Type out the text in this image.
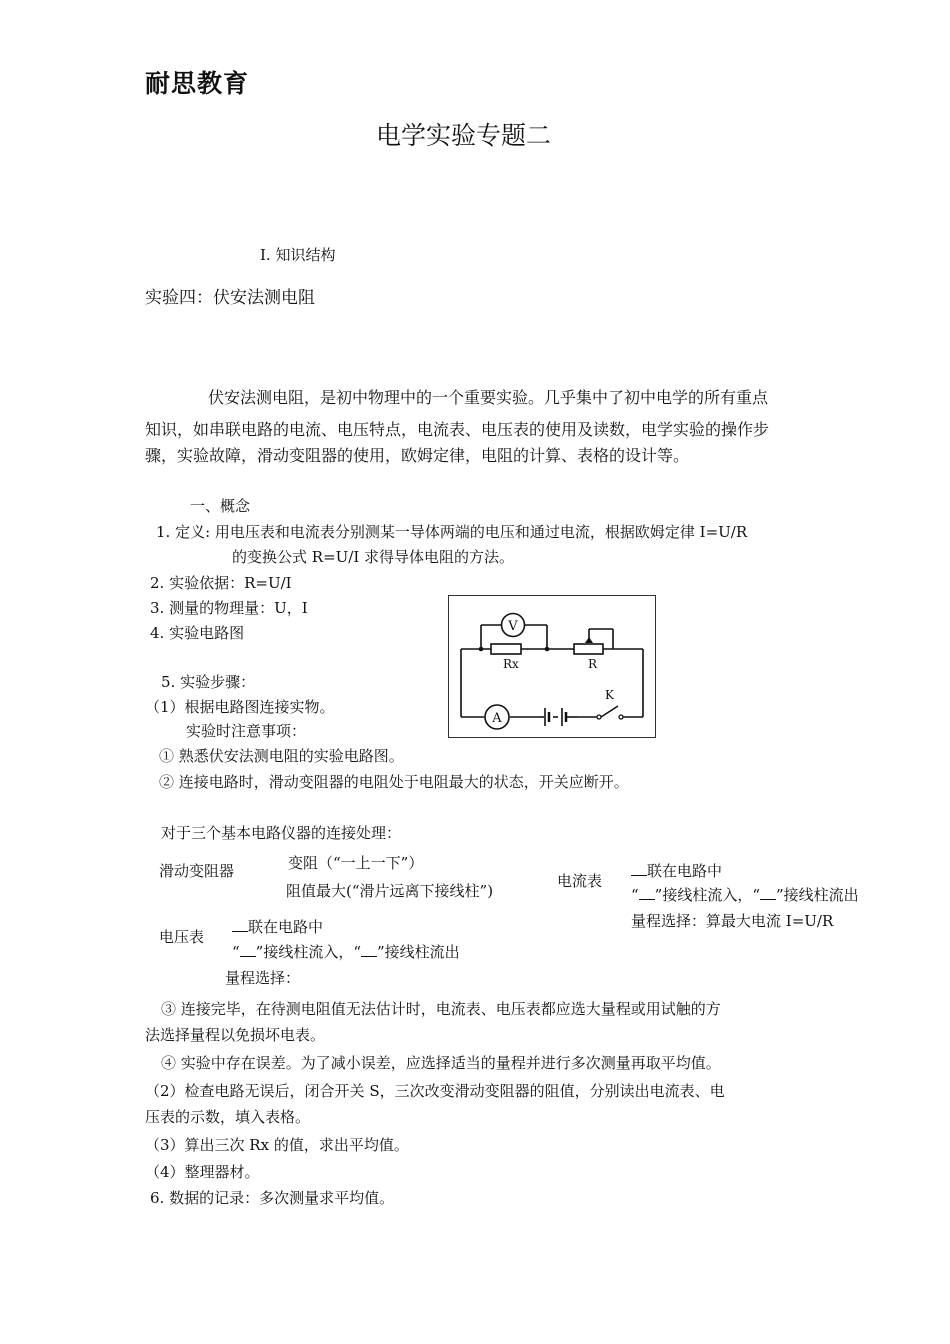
耐思教育
电学实验专题二
Ⅰ. 知识结构
实验四：伏安法测电阻
伏安法测电阻，是初中物理中的一个重要实验。几乎集中了初中电学的所有重点
知识，如串联电路的电流、电压特点，电流表、电压表的使用及读数，电学实验的操作步
骤，实验故障，滑动变阻器的使用，欧姆定律，电阻的计算、表格的设计等。
一、概念
1. 定义: 用电压表和电流表分别测某一导体两端的电压和通过电流，根据欧姆定律 I=U/R
的变换公式 R=U/I 求得导体电阻的方法。
2. 实验依据：R=U/I
3. 测量的物理量：U，I
4. 实验电路图	V
A
Rx	R
K
5. 实验步骤：
（1）根据电路图连接实物。
实验时注意事项：
① 熟悉伏安法测电阻的实验电路图。
② 连接电路时，滑动变阻器的电阻处于电阻最大的状态，开关应断开。
对于三个基本电路仪器的连接处理：
滑动变阻器	变阻（“一上一下”）
阻值最大(“滑片远离下接线柱”)
电流表
联在电路中
“ ”接线柱流入，“ ”接线柱流出
量程选择：算最大电流 I=U/R
电压表
联在电路中
“ ”接线柱流入，“ ”接线柱流出
量程选择：
③ 连接完毕，在待测电阻值无法估计时，电流表、电压表都应选大量程或用试触的方
法选择量程以免损坏电表。
④ 实验中存在误差。为了减小误差，应选择适当的量程并进行多次测量再取平均值。
（2）检查电路无误后，闭合开关 S，三次改变滑动变阻器的阻值，分别读出电流表、电
压表的示数，填入表格。
（3）算出三次 Rx 的值，求出平均值。
（4）整理器材。
6. 数据的记录：多次测量求平均值。
